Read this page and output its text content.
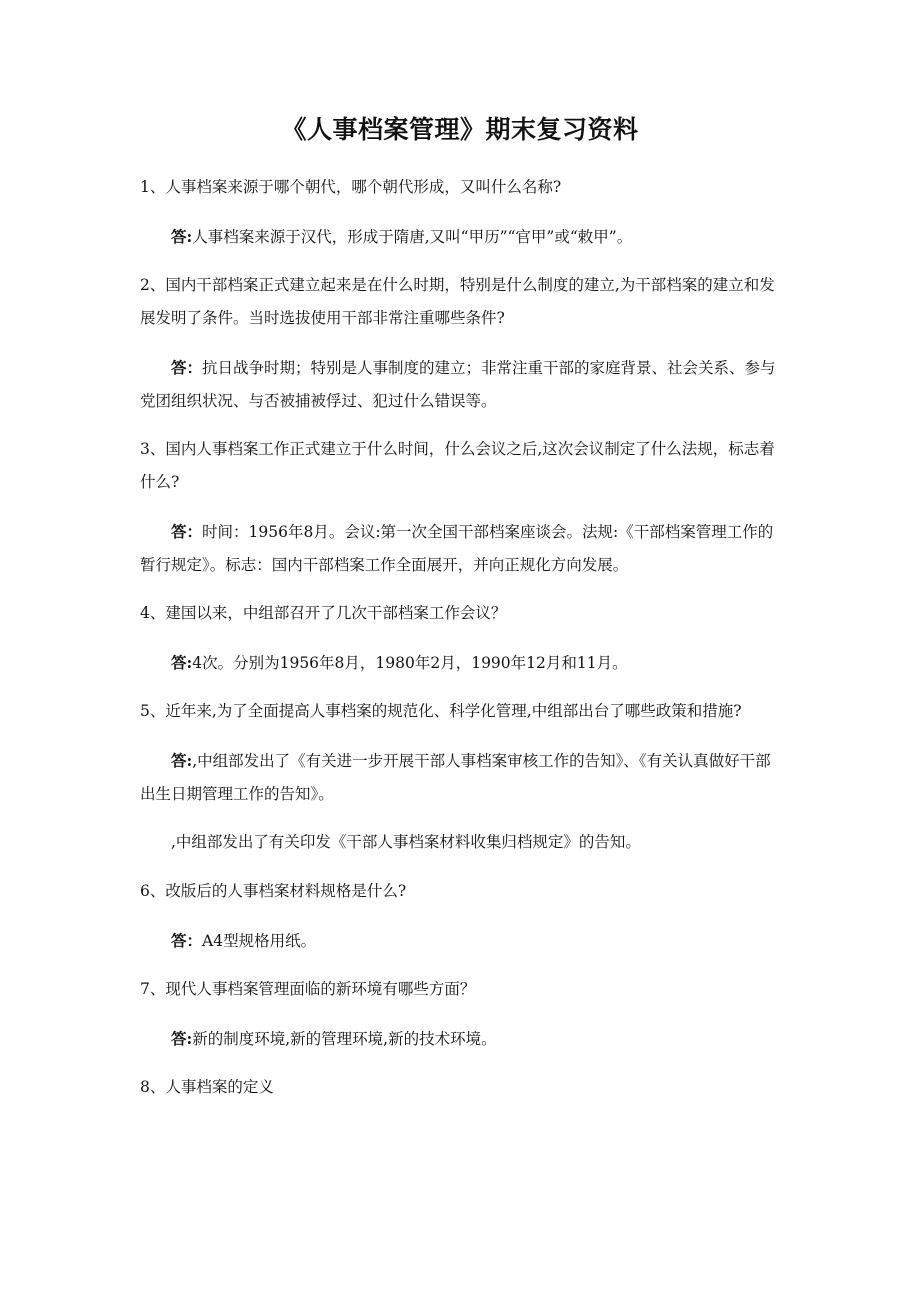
《人事档案管理》期末复习资料

1、人事档案来源于哪个朝代，哪个朝代形成，又叫什么名称?

答:人事档案来源于汉代，形成于隋唐,又叫“甲历”“官甲”或“敕甲”。

2、国内干部档案正式建立起来是在什么时期，特别是什么制度的建立,为干部档案的建立和发展发明了条件。当时选拔使用干部非常注重哪些条件?

答：抗日战争时期；特别是人事制度的建立；非常注重干部的家庭背景、社会关系、参与党团组织状况、与否被捕被俘过、犯过什么错误等。

3、国内人事档案工作正式建立于什么时间，什么会议之后,这次会议制定了什么法规，标志着什么?

答：时间：1956年8月。会议:第一次全国干部档案座谈会。法规:《干部档案管理工作的暂行规定》。标志：国内干部档案工作全面展开，并向正规化方向发展。

4、建国以来，中组部召开了几次干部档案工作会议？

答:4次。分别为1956年8月，1980年2月，1990年12月和11月。

5、近年来,为了全面提高人事档案的规范化、科学化管理,中组部出台了哪些政策和措施?

答:,中组部发出了《有关进一步开展干部人事档案审核工作的告知》、《有关认真做好干部出生日期管理工作的告知》。

,中组部发出了有关印发《干部人事档案材料收集归档规定》的告知。

6、改版后的人事档案材料规格是什么?

答：A4型规格用纸。

7、现代人事档案管理面临的新环境有哪些方面？

答:新的制度环境,新的管理环境,新的技术环境。

8、人事档案的定义
